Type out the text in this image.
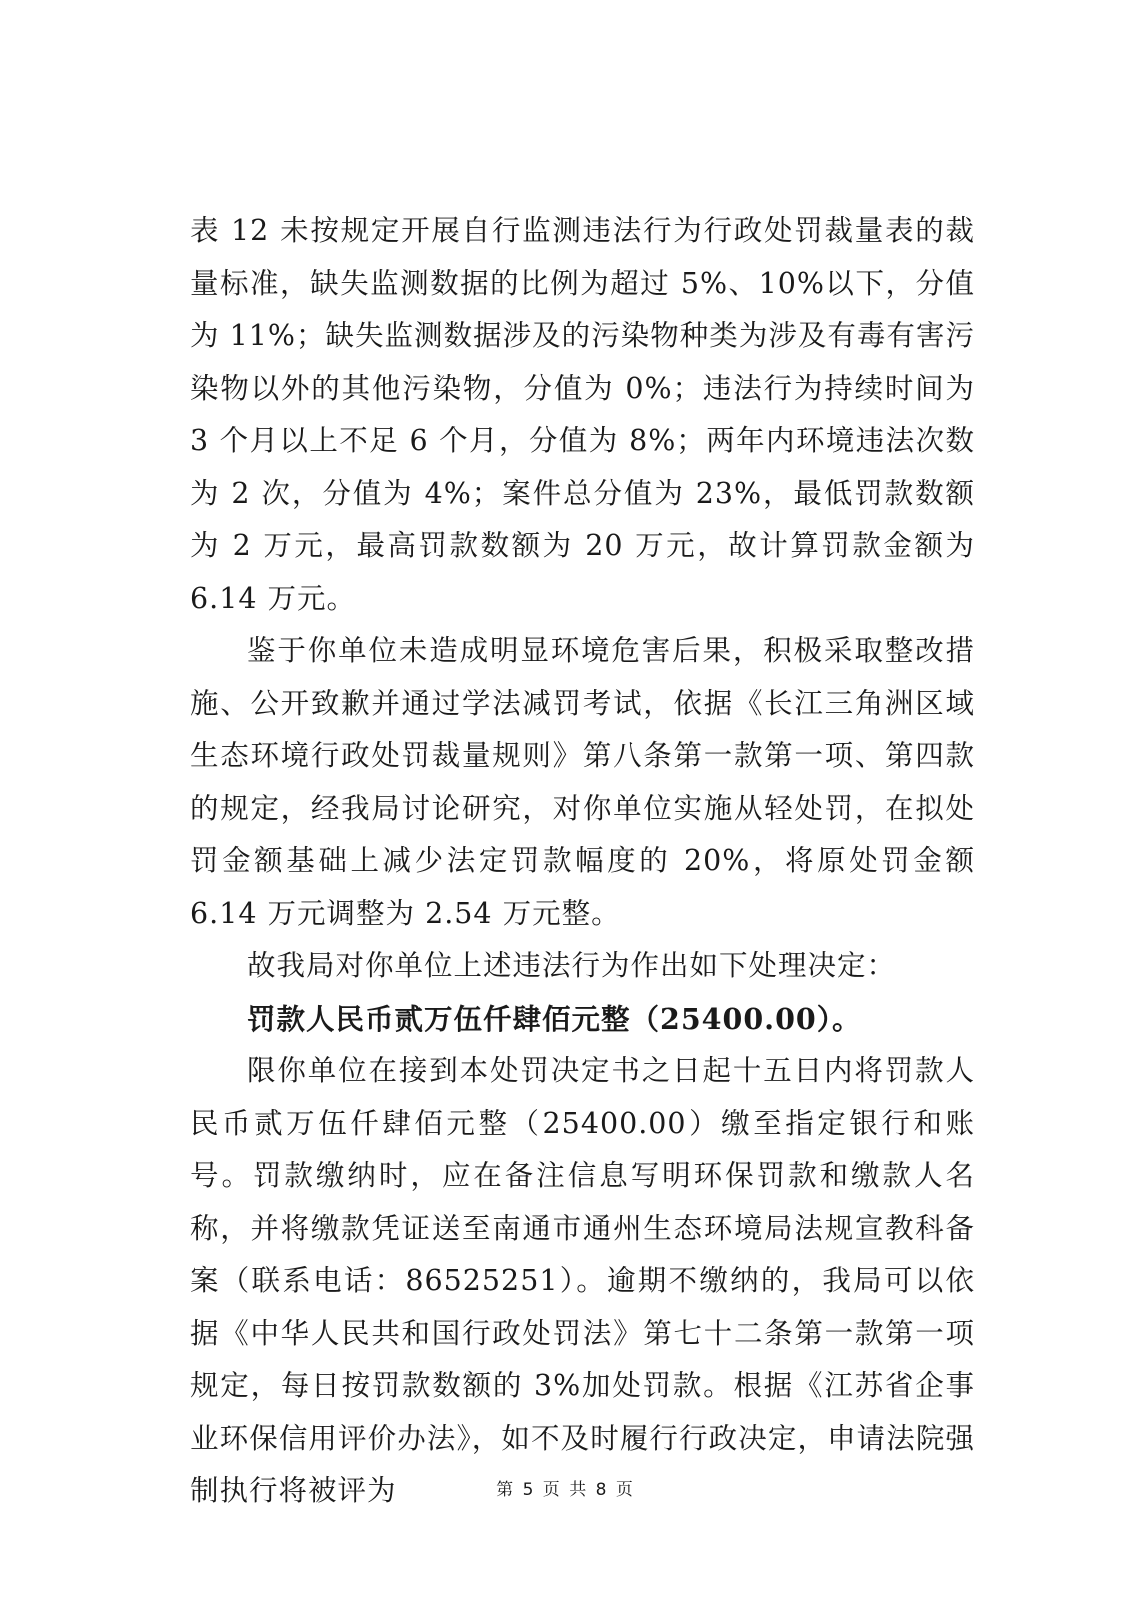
表 12 未按规定开展自行监测违法行为行政处罚裁量表的裁量标准，缺失监测数据的比例为超过 5%、10%以下，分值为 11%；缺失监测数据涉及的污染物种类为涉及有毒有害污染物以外的其他污染物，分值为 0%；违法行为持续时间为 3 个月以上不足 6 个月，分值为 8%；两年内环境违法次数为 2 次，分值为 4%；案件总分值为 23%，最低罚款数额为 2 万元，最高罚款数额为 20 万元，故计算罚款金额为 6.14 万元。

鉴于你单位未造成明显环境危害后果，积极采取整改措施、公开致歉并通过学法减罚考试，依据《长江三角洲区域生态环境行政处罚裁量规则》第八条第一款第一项、第四款的规定，经我局讨论研究，对你单位实施从轻处罚，在拟处罚金额基础上减少法定罚款幅度的 20%，将原处罚金额 6.14 万元调整为 2.54 万元整。

故我局对你单位上述违法行为作出如下处理决定：

罚款人民币贰万伍仟肆佰元整（25400.00）。

限你单位在接到本处罚决定书之日起十五日内将罚款人民币贰万伍仟肆佰元整（25400.00）缴至指定银行和账号。罚款缴纳时，应在备注信息写明环保罚款和缴款人名称，并将缴款凭证送至南通市通州生态环境局法规宣教科备案（联系电话：86525251）。逾期不缴纳的，我局可以依据《中华人民共和国行政处罚法》第七十二条第一款第一项规定，每日按罚款数额的 3%加处罚款。根据《江苏省企事业环保信用评价办法》，如不及时履行行政决定，申请法院强制执行将被评为	第 5 页 共 8 页
